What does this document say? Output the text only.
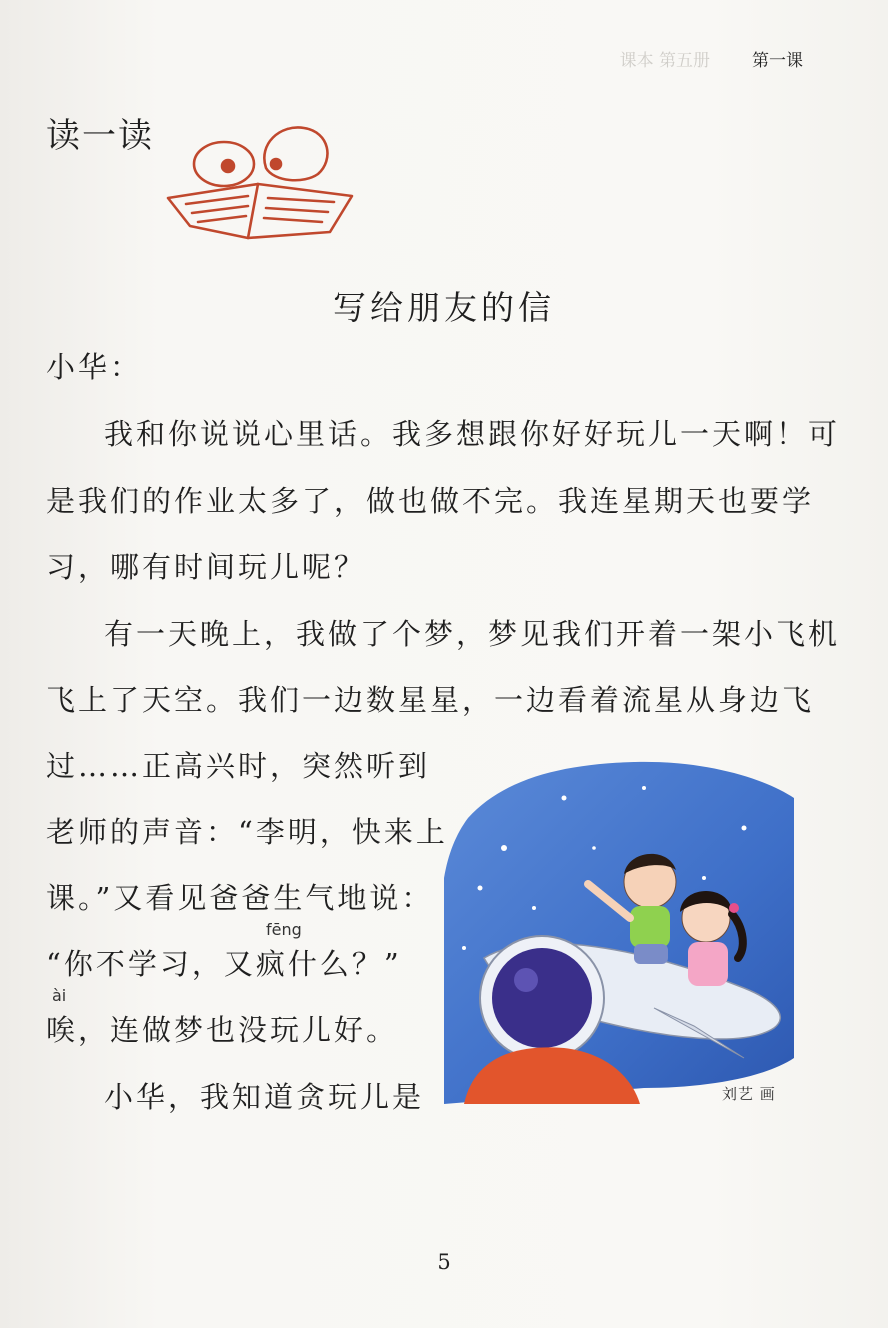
课本 第五册 第一课
读一读
写给朋友的信
小华：
我和你说说心里话。我多想跟你好好玩儿一天啊！可
是我们的作业太多了，做也做不完。我连星期天也要学
习，哪有时间玩儿呢？
有一天晚上，我做了个梦，梦见我们开着一架小飞机
飞上了天空。我们一边数星星，一边看着流星从身边飞
过……正高兴时，突然听到
老师的声音：“李明，快来上
课。”又看见爸爸生气地说：
fēng
“你不学习，又疯什么？”
ài
唉，连做梦也没玩儿好。
小华，我知道贪玩儿是	刘艺 画
5
